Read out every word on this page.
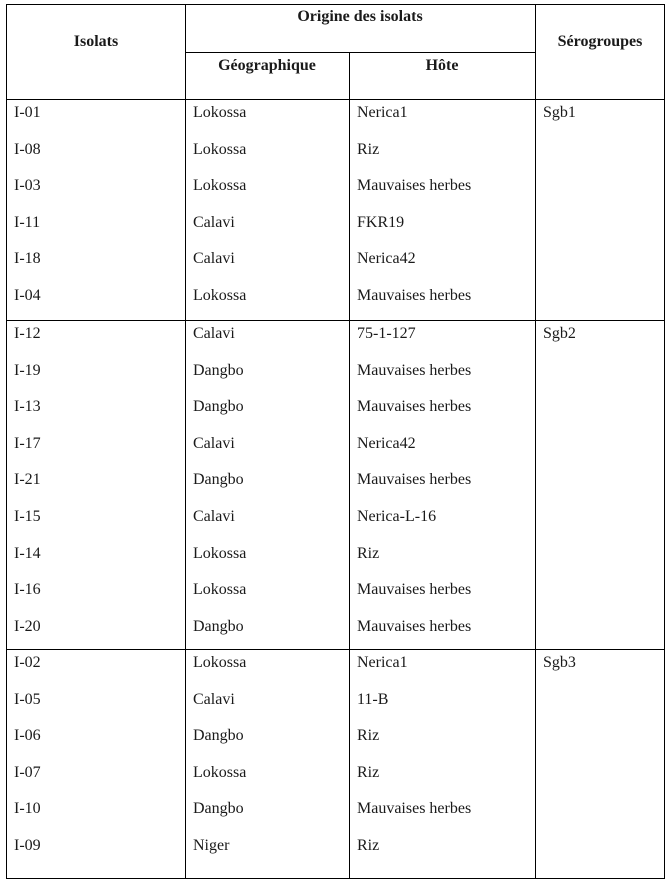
Isolats
Origine des isolats
Géographique	Hôte
Sérogroupes
Sgb1
I-01	Lokossa	Nerica1
I-08	Lokossa	Riz
I-03	Lokossa	Mauvaises herbes
I-11	Calavi	FKR19
I-18	Calavi	Nerica42
I-04	Lokossa	Mauvaises herbes
Sgb2
I-12	Calavi	75-1-127
I-19	Dangbo	Mauvaises herbes
I-13	Dangbo	Mauvaises herbes
I-17	Calavi	Nerica42
I-21	Dangbo	Mauvaises herbes
I-15	Calavi	Nerica-L-16
I-14	Lokossa	Riz
I-16	Lokossa	Mauvaises herbes
I-20	Dangbo	Mauvaises herbes
Sgb3
I-02	Lokossa	Nerica1
I-05	Calavi	11-B
I-06	Dangbo	Riz
I-07	Lokossa	Riz
I-10	Dangbo	Mauvaises herbes
I-09	Niger	Riz
